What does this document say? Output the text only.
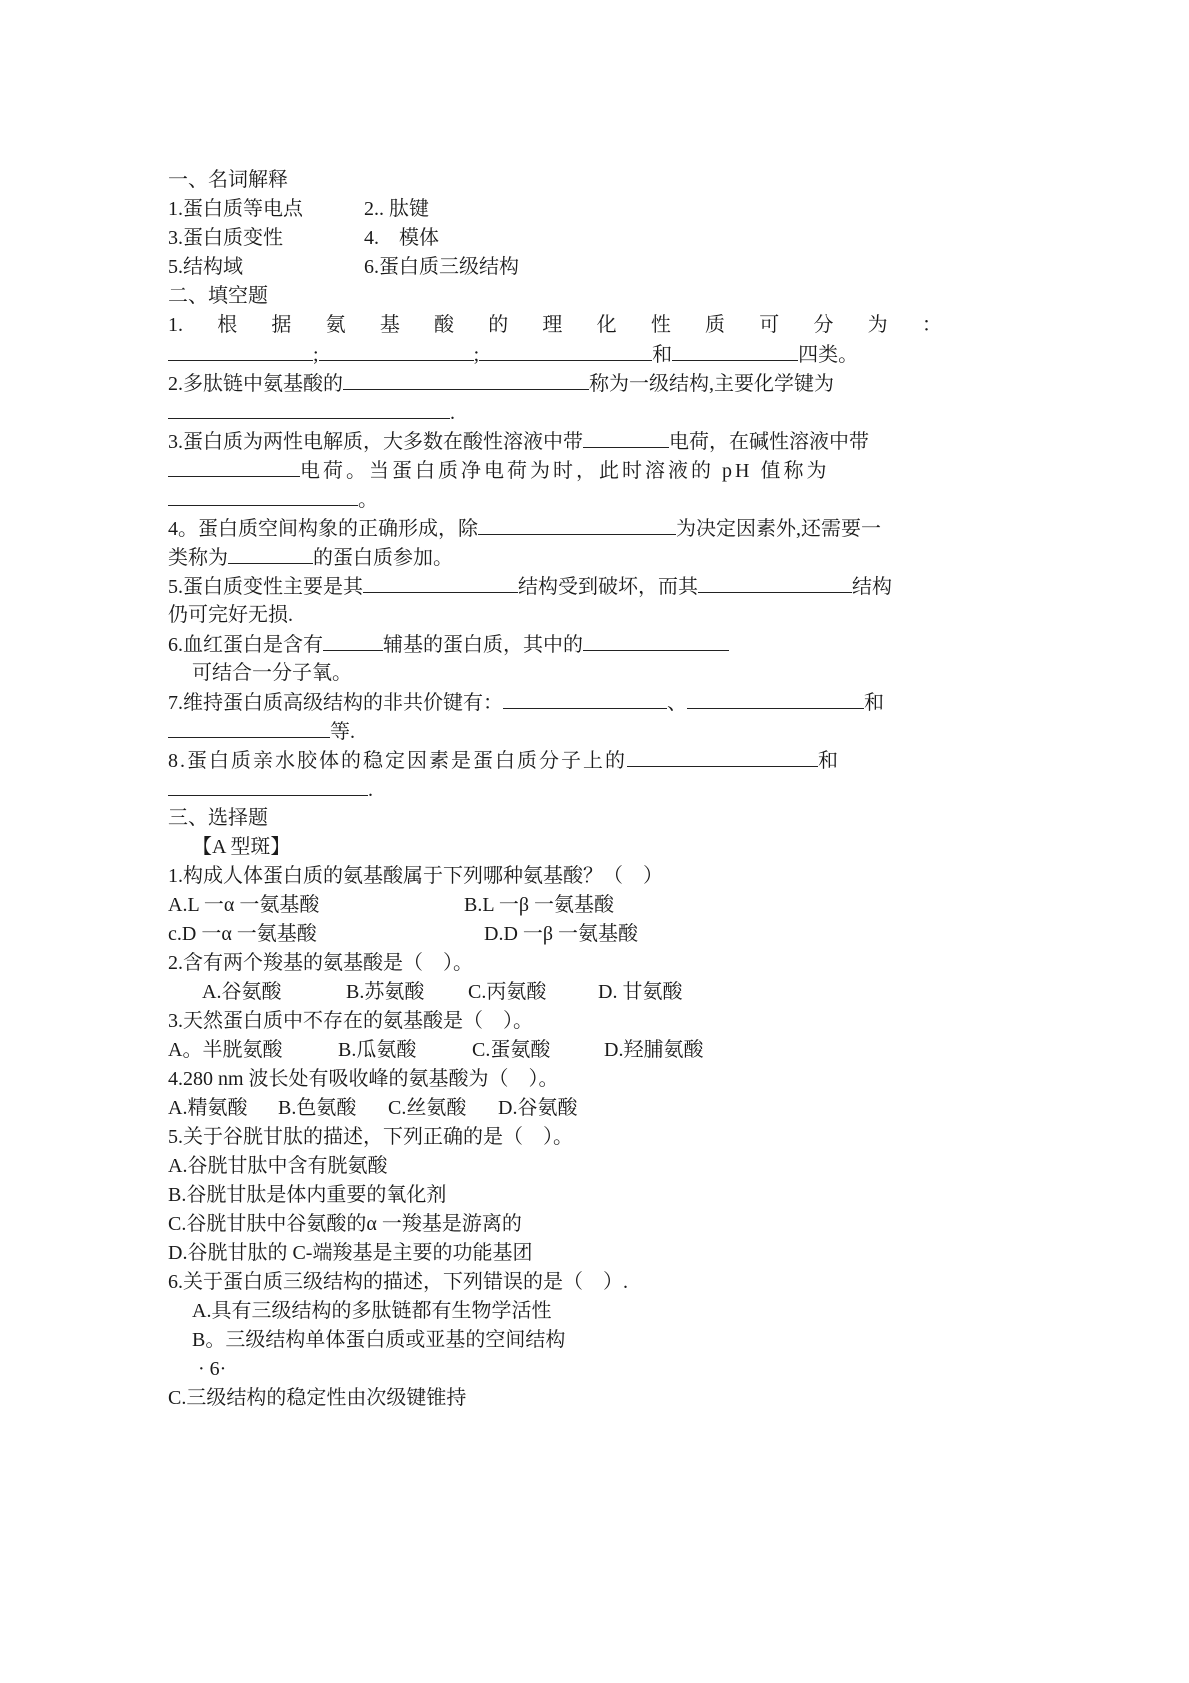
一、名词解释
1.蛋白质等电点	2.. 肽键
3.蛋白质变性	4.　模体
5.结构域	6.蛋白质三级结构
二、填空题
1. 根 据 氨 基 酸 的 理 化 性 质 可 分 为 ：
;	;	和	四类。
2.多肽链中氨基酸的	称为一级结构,主要化学键为
.
3.蛋白质为两性电解质，大多数在酸性溶液中带	电荷，在碱性溶液中带
电荷。当蛋白质净电荷为时，此时溶液的 pH 值称为
。
4。蛋白质空间构象的正确形成，除	为决定因素外,还需要一
类称为	的蛋白质参加。
5.蛋白质变性主要是其	结构受到破坏，而其	结构
仍可完好无损.
6.血红蛋白是含有	辅基的蛋白质，其中的
可结合一分子氧。
7.维持蛋白质高级结构的非共价键有：	、	和
等.
8.蛋白质亲水胶体的稳定因素是蛋白质分子上的	和
.
三、选择题
【A 型斑】
1.构成人体蛋白质的氨基酸属于下列哪种氨基酸？（　）
A.L 一α 一氨基酸	B.L 一β 一氨基酸
c.D 一α 一氨基酸	D.D 一β 一氨基酸
2.含有两个羧基的氨基酸是（　）。
A.谷氨酸	B.苏氨酸 C.丙氨酸	D. 甘氨酸
3.天然蛋白质中不存在的氨基酸是（　）。
A。半胱氨酸	B.瓜氨酸	C.蛋氨酸	D.羟脯氨酸
4.280 nm 波长处有吸收峰的氨基酸为（　）。
A.精氨酸 B.色氨酸 C.丝氨酸 D.谷氨酸
5.关于谷胱甘肽的描述，下列正确的是（　）。
A.谷胱甘肽中含有胱氨酸
B.谷胱甘肽是体内重要的氧化剂
C.谷胱甘肤中谷氨酸的α 一羧基是游离的
D.谷胱甘肽的 C-端羧基是主要的功能基团
6.关于蛋白质三级结构的描述，下列错误的是（　）.
A.具有三级结构的多肽链都有生物学活性
B。三级结构单体蛋白质或亚基的空间结构
· 6·
C.三级结构的稳定性由次级键锥持
